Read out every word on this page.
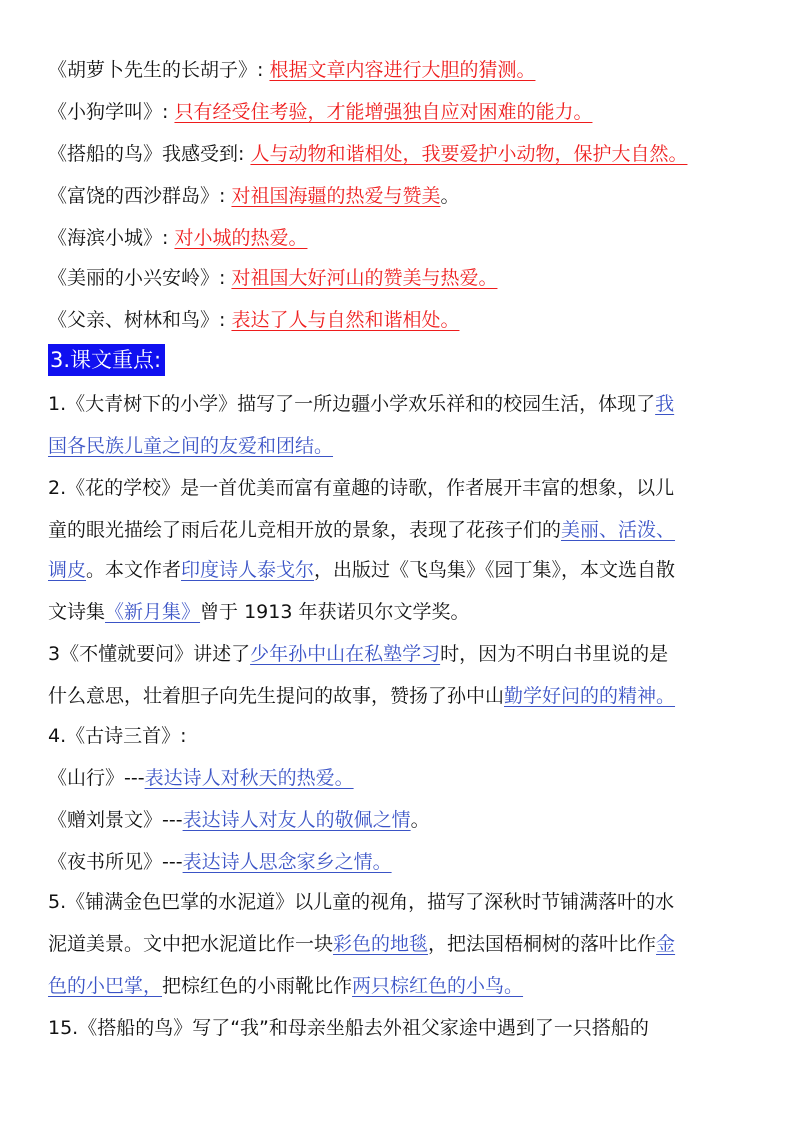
《胡萝卜先生的长胡子》: 根据文章内容进行大胆的猜测。
《小狗学叫》: 只有经受住考验，才能增强独自应对困难的能力。
《搭船的鸟》我感受到: 人与动物和谐相处，我要爱护小动物，保护大自然。
《富饶的西沙群岛》: 对祖国海疆的热爱与赞美。
《海滨小城》: 对小城的热爱。
《美丽的小兴安岭》: 对祖国大好河山的赞美与热爱。
《父亲、树林和鸟》: 表达了人与自然和谐相处。
3.课文重点:
1.《大青树下的小学》描写了一所边疆小学欢乐祥和的校园生活，体现了我
国各民族儿童之间的友爱和团结。
2.《花的学校》是一首优美而富有童趣的诗歌，作者展开丰富的想象，以儿
童的眼光描绘了雨后花儿竞相开放的景象，表现了花孩子们的美丽、活泼、
调皮。本文作者印度诗人泰戈尔，出版过《飞鸟集》《园丁集》，本文选自散
文诗集《新月集》曾于 1913 年获诺贝尔文学奖。
3《不懂就要问》讲述了少年孙中山在私塾学习时，因为不明白书里说的是
什么意思，壮着胆子向先生提问的故事，赞扬了孙中山勤学好问的的精神。
4.《古诗三首》:
《山行》---表达诗人对秋天的热爱。
《赠刘景文》---表达诗人对友人的敬佩之情。
《夜书所见》---表达诗人思念家乡之情。
5.《铺满金色巴掌的水泥道》以儿童的视角，描写了深秋时节铺满落叶的水
泥道美景。文中把水泥道比作一块彩色的地毯，把法国梧桐树的落叶比作金
色的小巴掌，把棕红色的小雨靴比作两只棕红色的小鸟。
15.《搭船的鸟》写了“我”和母亲坐船去外祖父家途中遇到了一只搭船的
